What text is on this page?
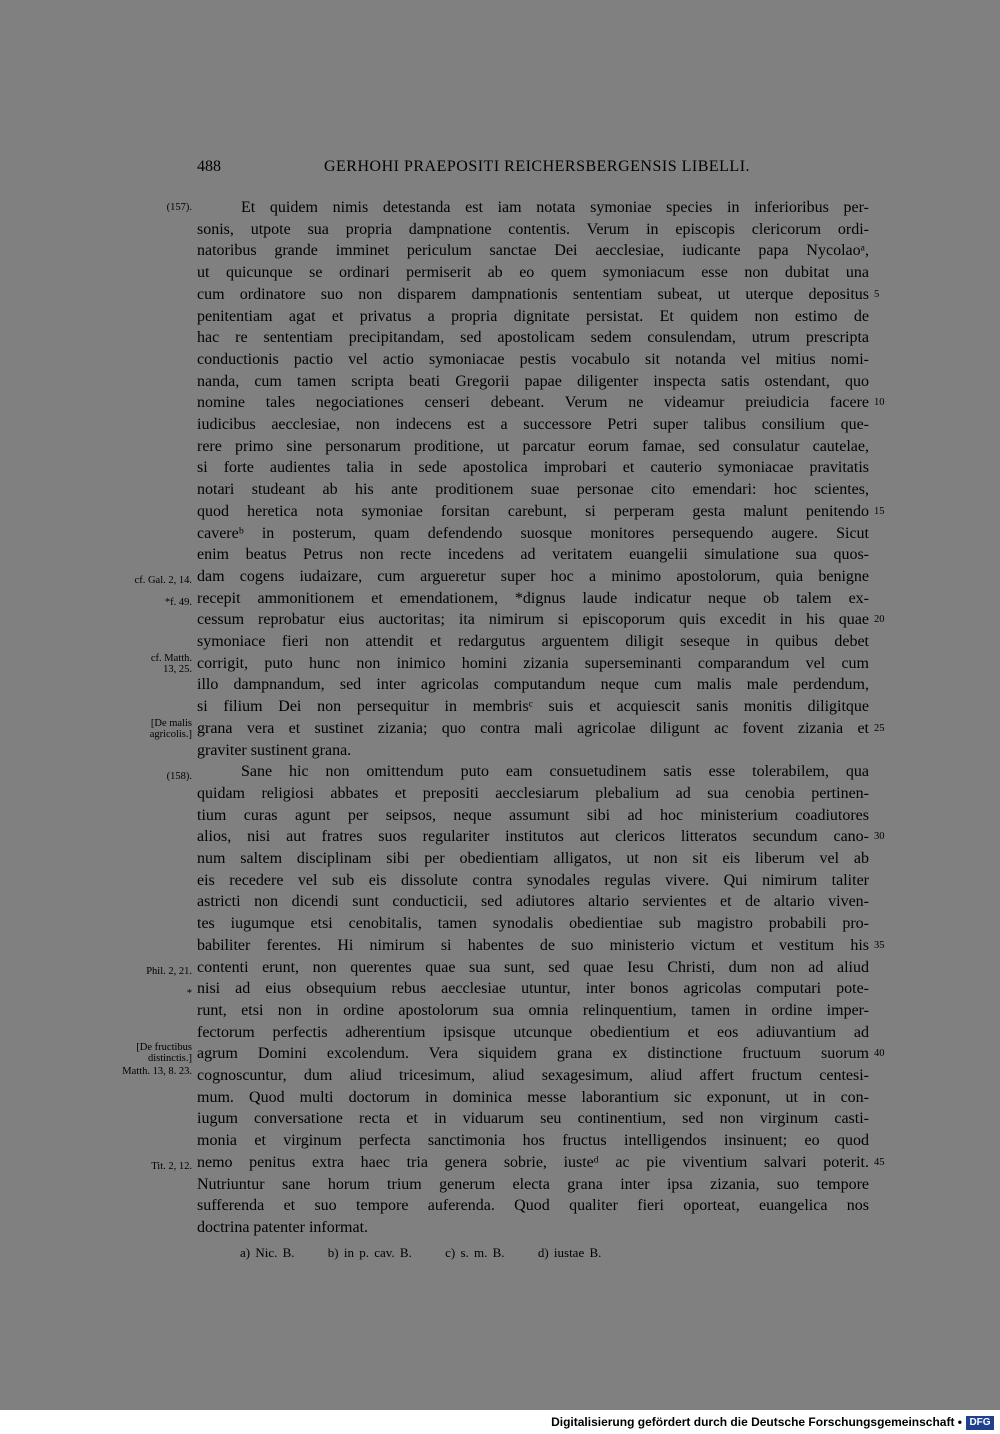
488	GERHOHI PRAEPOSITI REICHERSBERGENSIS LIBELLI.
Et quidem nimis detestanda est iam notata symoniae species in inferioribus per-
sonis, utpote sua propria dampnatione contentis. Verum in episcopis clericorum ordi-
natoribus grande imminet periculum sanctae Dei aecclesiae, iudicante papa Nycolaoᵃ,
ut quicunque se ordinari permiserit ab eo quem symoniacum esse non dubitat una
cum ordinatore suo non disparem dampnationis sententiam subeat, ut uterque depositus
penitentiam agat et privatus a propria dignitate persistat. Et quidem non estimo de
hac re sententiam precipitandam, sed apostolicam sedem consulendam, utrum prescripta
conductionis pactio vel actio symoniacae pestis vocabulo sit notanda vel mitius nomi-
nanda, cum tamen scripta beati Gregorii papae diligenter inspecta satis ostendant, quo
nomine tales negociationes censeri debeant. Verum ne videamur preiudicia facere
iudicibus aecclesiae, non indecens est a successore Petri super talibus consilium que-
rere primo sine personarum proditione, ut parcatur eorum famae, sed consulatur cautelae,
si forte audientes talia in sede apostolica improbari et cauterio symoniacae pravitatis
notari studeant ab his ante proditionem suae personae cito emendari: hoc scientes,
quod heretica nota symoniae forsitan carebunt, si perperam gesta malunt penitendo
cavereᵇ in posterum, quam defendendo suosque monitores persequendo augere. Sicut
enim beatus Petrus non recte incedens ad veritatem euangelii simulatione sua quos-
dam cogens iudaizare, cum argueretur super hoc a minimo apostolorum, quia benigne
recepit ammonitionem et emendationem, *dignus laude indicatur neque ob talem ex-
cessum reprobatur eius auctoritas; ita nimirum si episcoporum quis excedit in his quae
symoniace fieri non attendit et redargutus arguentem diligit seseque in quibus debet
corrigit, puto hunc non inimico homini zizania superseminanti comparandum vel cum
illo dampnandum, sed inter agricolas computandum neque cum malis male perdendum,
si filium Dei non persequitur in membrisᶜ suis et acquiescit sanis monitis diligitque
grana vera et sustinet zizania; quo contra mali agricolae diligunt ac fovent zizania et
graviter sustinent grana.
Sane hic non omittendum puto eam consuetudinem satis esse tolerabilem, qua
quidam religiosi abbates et prepositi aecclesiarum plebalium ad sua cenobia pertinen-
tium curas agunt per seipsos, neque assumunt sibi ad hoc ministerium coadiutores
alios, nisi aut fratres suos regulariter institutos aut clericos litteratos secundum cano-
num saltem disciplinam sibi per obedientiam alligatos, ut non sit eis liberum vel ab
eis recedere vel sub eis dissolute contra synodales regulas vivere. Qui nimirum taliter
astricti non dicendi sunt conducticii, sed adiutores altario servientes et de altario viven-
tes iugumque etsi cenobitalis, tamen synodalis obedientiae sub magistro probabili pro-
babiliter ferentes. Hi nimirum si habentes de suo ministerio victum et vestitum his
contenti erunt, non querentes quae sua sunt, sed quae Iesu Christi, dum non ad aliud
nisi ad eius obsequium rebus aecclesiae utuntur, inter bonos agricolas computari pote-
runt, etsi non in ordine apostolorum sua omnia relinquentium, tamen in ordine imper-
fectorum perfectis adherentium ipsisque utcunque obedientium et eos adiuvantium ad
agrum Domini excolendum. Vera siquidem grana ex distinctione fructuum suorum
cognoscuntur, dum aliud tricesimum, aliud sexagesimum, aliud affert fructum centesi-
mum. Quod multi doctorum in dominica messe laborantium sic exponunt, ut in con-
iugum conversatione recta et in viduarum seu continentium, sed non virginum casti-
monia et virginum perfecta sanctimonia hos fructus intelligendos insinuent; eo quod
nemo penitus extra haec tria genera sobrie, iusteᵈ ac pie viventium salvari poterit.
Nutriuntur sane horum trium generum electa grana inter ipsa zizania, suo tempore
sufferenda et suo tempore auferenda. Quod qualiter fieri oporteat, euangelica nos
doctrina patenter informat.
(157).
cf. Gal. 2, 14.
*f. 49.
cf. Matth.
13, 25.
[De malis
agricolis.]
(158).
Phil. 2, 21.
*
[De fructibus
distinctis.]
Matth. 13, 8. 23.
Tit. 2, 12.
a) Nic. B.	b) in p. cav. B.	c) s. m. B.	d) iustae B.
Digitalisierung gefördert durch die Deutsche Forschungsgemeinschaft • DFG
5
10
15
20
25
30
35
40
45
